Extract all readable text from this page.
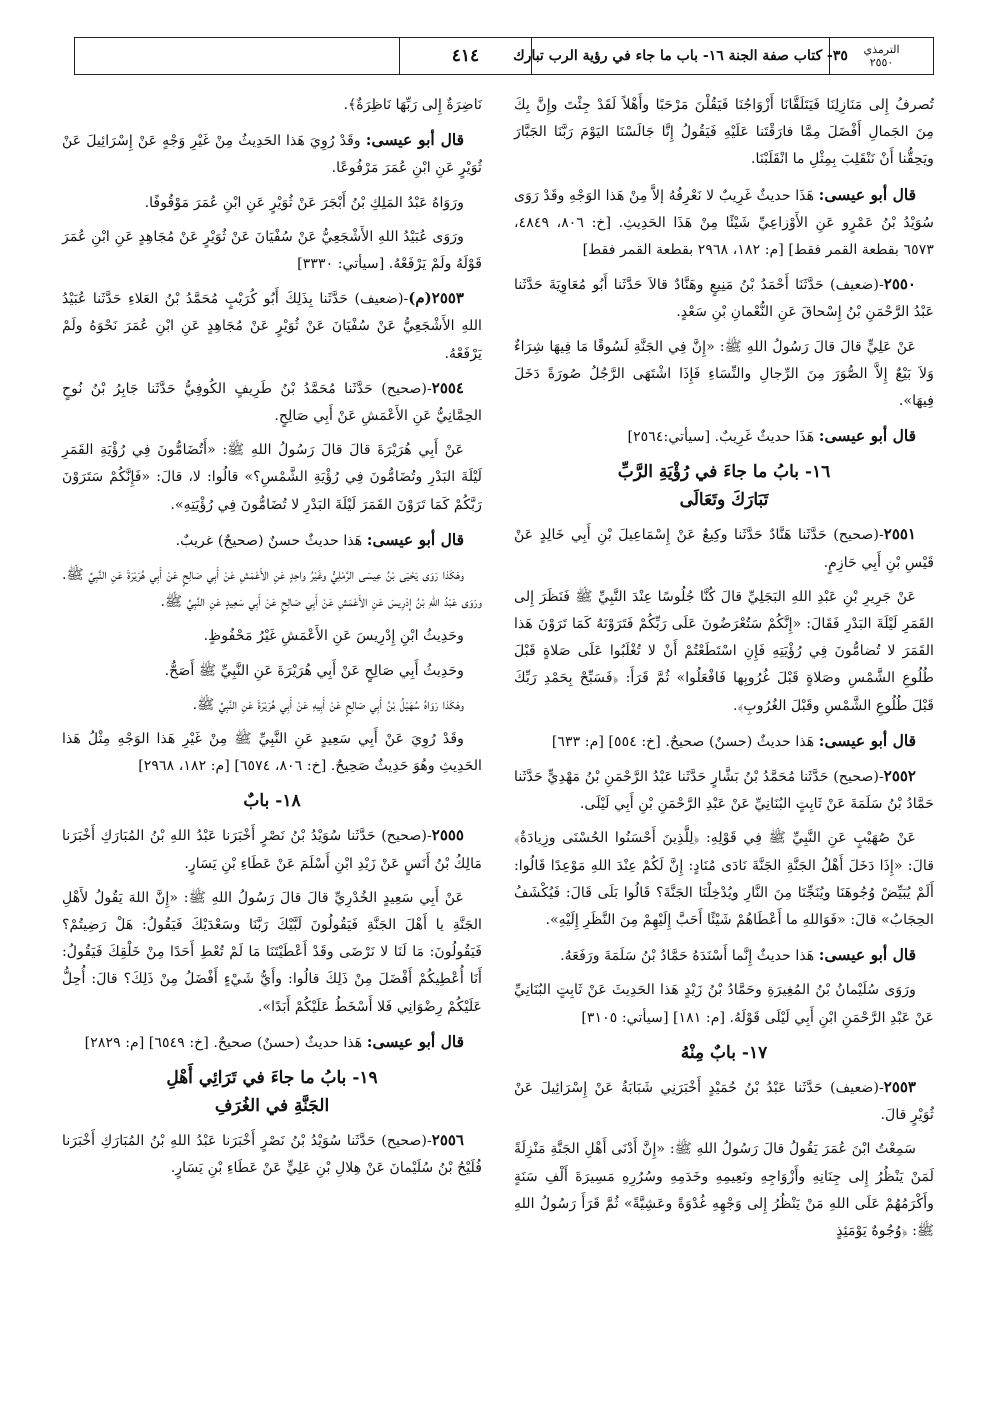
الترمذي
٢٥٥٠
٣٥- كتاب صفة الجنة ١٦- باب ما جاء في رؤية الرب تبارك
٤١٤

تُصرفُ إِلى مَنَازِلِنَا فَيَتَلَقَّانَا أَزْوَاجُنَا فَيَقُلْنَ مَرْحَبًا وأَهْلاً لَقَدْ جِئْتَ وإِنَّ بِكَ مِنَ الجَمالِ أَفْضَلَ مِمَّا فارَقْتَنا عَلَيْهِ فَيَقُولُ إِنَّا جَالَسْنَا اليَوْمَ رَبَّنَا الجَبَّارَ ويَحِقُّنا أَنْ نَنْقَلِبَ بِمِثْلِ ما انْقَلَبْنَا.

قال أبو عيسى: هَذَا حديثٌ غَرِيبٌ لا نَعْرِفُهُ إلاَّ مِنْ هَذا الوَجْهِ وقَدْ رَوَى سُوَيْدُ بْنُ عَمْرٍو عَنِ الأَوْزاعِيِّ شَيْئًا مِنْ هَذَا الحَدِيثِ. [خ: ٨٠٦، ٤٨٤٩، ٦٥٧٣ بقطعة القمر فقط] [م: ١٨٢، ٢٩٦٨ بقطعة القمر فقط]

٢٥٥٠-(ضعيف) حَدَّثَنَا أَحْمَدُ بْنُ مَنِيعٍ وهَنَّادٌ قالاَ حَدَّثَنا أَبُو مُعَاوِيَةَ حَدَّثَنا عَبْدُ الرَّحْمَنِ بْنُ إِسْحاقَ عَنِ النُّعْمانِ بْنِ سَعْدٍ.

عَنْ عَلِيٍّ قالَ قالَ رَسُولُ اللهِ ﷺ: «إِنَّ فِي الجَنَّةِ لَسُوقًا مَا فِيهَا شِرَاءٌ وَلاَ بَيْعٌ إِلاَّ الصُّوَرَ مِنَ الرِّجالِ والنِّسَاءِ فَإِذَا اشْتَهَى الرَّجُلُ صُورَةً دَخَلَ فِيهَا».

قال أبو عيسى: هَذَا حديثٌ غَرِيبٌ. [سيأتي:٢٥٦٤]

١٦- بابُ ما جاءَ في رُؤْيَةِ الرَّبِّ
تَبَارَكَ وتَعَالَى

٢٥٥١-(صحيح) حَدَّثَنا هَنَّادٌ حَدَّثَنا وكِيعٌ عَنْ إِسْمَاعِيلَ بْنِ أَبِي خَالِدٍ عَنْ قَيْسِ بْنِ أَبِي حَازِمٍ.

عَنْ جَرِيرِ بْنِ عَبْدِ اللهِ البَجَلِيِّ قالَ كُنَّا جُلُوسًا عِنْدَ النَّبِيِّ ﷺ فَنَظَرَ إِلى القَمَرِ لَيْلَةَ البَدْرِ فَقَالَ: «إِنَّكُمْ سَتُعْرَضُونَ عَلَى رَبِّكُمْ فَتَرَوْنَهُ كَمَا تَرَوْنَ هَذا القَمَرَ لا تُضامُّونَ فِي رُؤْيَتِهِ فَإِنِ اسْتَطَعْتُمْ أَنْ لا تُغْلَبُوا عَلَى صَلاةٍ قَبْلَ طُلُوعِ الشَّمْسِ وصَلاةٍ قَبْلَ غُرُوبِها فَافْعَلُوا» ثُمَّ قَرَأَ: ﴿فَسَبِّحْ بِحَمْدِ رَبِّكَ قَبْلَ طُلُوعِ الشَّمْسِ وقَبْلَ الغُرُوبِ﴾.

قال أبو عيسى: هَذا حديثٌ (حسنٌ) صحيحٌ. [خ: ٥٥٤] [م: ٦٣٣]

٢٥٥٢-(صحيح) حَدَّثَنا مُحَمَّدُ بْنُ بَشَّارٍ حَدَّثَنا عَبْدُ الرَّحْمَنِ بْنُ مَهْدِيٍّ حَدَّثَنا حَمَّادُ بْنُ سَلَمَةَ عَنْ ثَابِتٍ البُنَانِيِّ عَنْ عَبْدِ الرَّحْمَنِ بْنِ أَبِي لَيْلَى.

عَنْ صُهَيْبٍ عَنِ النَّبِيِّ ﷺ فِي قَوْلِهِ: ﴿لِلَّذِينَ أَحْسَنُوا الحُسْنَى وزِيادَةٌ﴾ قالَ: «إِذَا دَخَلَ أَهْلُ الجَنَّةِ الجَنَّةَ نَادَى مُنَادٍ: إِنَّ لَكُمْ عِنْدَ اللهِ مَوْعِدًا قَالُوا: أَلَمْ يُبَيِّضْ وُجُوهَنَا ويُنَجِّنَا مِنَ النَّارِ ويُدْخِلْنَا الجَنَّةَ؟ قَالُوا بَلَى قَالَ: فَيُكْشَفُ الحِجَابُ» قالَ: «فَوَاللهِ ما أَعْطَاهُمْ شَيْئًا أَحَبَّ إِلَيْهِمْ مِنَ النَّظَرِ إِلَيْهِ».

قال أبو عيسى: هَذا حديثٌ إِنَّما أَسْنَدَهُ حَمَّادُ بْنُ سَلَمَةَ ورَفَعَهُ.

ورَوَى سُلَيْمانُ بْنُ المُغِيرَةِ وحَمَّادُ بْنُ زَيْدٍ هَذا الحَدِيثَ عَنْ ثَابِتٍ البُنَانِيِّ عَنْ عَبْدِ الرَّحْمَنِ ابْنِ أَبِي لَيْلَى قَوْلَهُ. [م: ١٨١] [سيأتي: ٣١٠٥]

١٧- بابٌ مِنْهُ

٢٥٥٣-(ضعيف) حَدَّثَنا عَبْدُ بْنُ حُمَيْدٍ أَخْبَرَنِي شَبَابَةُ عَنْ إِسْرَائِيلَ عَنْ ثُوَيْرٍ قالَ.

سَمِعْتُ ابْنَ عُمَرَ يَقُولُ قالَ رَسُولُ اللهِ ﷺ: «إِنَّ أَدْنَى أَهْلِ الجَنَّةِ مَنْزِلَةً لَمَنْ يَنْظُرُ إِلى جِنَانِهِ وأَزْوَاجِهِ ونَعِيمِهِ وخَدَمِهِ وسُرُرِهِ مَسِيرَةَ أَلْفِ سَنَةٍ وأَكْرَمُهُمْ عَلَى اللهِ مَنْ يَنْظُرُ إِلى وَجْهِهِ غُدْوَةً وعَشِيَّةً» ثُمَّ قَرَأَ رَسُولُ اللهِ ﷺ: ﴿وُجُوهٌ يَوْمَئِذٍ

نَاضِرَةٌ إِلى رَبِّهَا نَاظِرَةٌ﴾.

قال أبو عيسى: وقَدْ رُوِيَ هَذا الحَدِيثُ مِنْ غَيْرِ وَجْهٍ عَنْ إِسْرَائِيلَ عَنْ ثُوَيْرٍ عَنِ ابْنِ عُمَرَ مَرْفُوعًا.

ورَوَاهُ عَبْدُ المَلِكِ بْنُ أَبْجَرَ عَنْ ثُوَيْرٍ عَنِ ابْنِ عُمَرَ مَوْقُوفًا.

ورَوَى عُبَيْدُ اللهِ الأَشْجَعِيُّ عَنْ سُفْيَانَ عَنْ ثُوَيْرٍ عَنْ مُجَاهِدٍ عَنِ ابْنِ عُمَرَ قَوْلَهُ ولَمْ يَرْفَعْهُ. [سيأتي: ٣٣٣٠]

٢٥٥٣(م)-(ضعيف) حَدَّثَنا بِذَلِكَ أَبُو كُرَيْبٍ مُحَمَّدُ بْنُ العَلاءِ حَدَّثَنا عُبَيْدُ اللهِ الأَشْجَعِيُّ عَنْ سُفْيَانَ عَنْ ثُوَيْرٍ عَنْ مُجَاهِدٍ عَنِ ابْنِ عُمَرَ نَحْوَهُ ولَمْ يَرْفَعْهُ.

٢٥٥٤-(صحيح) حَدَّثَنا مُحَمَّدُ بْنُ طَرِيفٍ الكُوفِيُّ حَدَّثَنا جَابِرُ بْنُ نُوحٍ الحِمَّانِيُّ عَنِ الأَعْمَشِ عَنْ أَبِي صَالِحٍ.

عَنْ أَبِي هُرَيْرَةَ قالَ قالَ رَسُولُ اللهِ ﷺ: «أَتُضَامُّونَ فِي رُؤْيَةِ القَمَرِ لَيْلَةَ البَدْرِ وتُضَامُّونَ فِي رُؤْيَةِ الشَّمْسِ؟» قالُوا: لا، قالَ: «فَإِنَّكُمْ سَتَرَوْنَ رَبَّكُمْ كَمَا تَرَوْنَ القَمَرَ لَيْلَةَ البَدْرِ لا تُضَامُّونَ فِي رُؤْيَتِهِ».

قال أبو عيسى: هَذا حديثٌ حسنٌ (صحيحٌ) غريبٌ.

وهَكَذا رَوَى يَحْيَى بْنُ عِيسَى الرَّمْلِيُّ وغَيْرُ واحِدٍ عَنِ الأَعْمَشِ عَنْ أَبِي صَالِحٍ عَنْ أَبِي هُرَيْرَةَ عَنِ النَّبِيِّ ﷺ. ورَوَى عَبْدُ اللهِ بْنُ إِدْرِيسَ عَنِ الأَعْمَشِ عَنْ أَبِي صَالِحٍ عَنْ أَبِي سَعِيدٍ عَنِ النَّبِيِّ ﷺ.

وحَدِيثُ ابْنِ إِدْرِيسَ عَنِ الأَعْمَشِ غَيْرُ مَحْفُوظٍ.

وحَدِيثُ أَبِي صَالِحٍ عَنْ أَبِي هُرَيْرَةَ عَنِ النَّبِيِّ ﷺ أَصَحُّ.

وهَكَذا رَوَاهُ سُهَيْلُ بْنُ أَبِي صَالِحٍ عَنْ أَبِيهِ عَنْ أَبِي هُرَيْرَةَ عَنِ النَّبِيِّ ﷺ.

وقَدْ رُوِيَ عَنْ أَبِي سَعِيدٍ عَنِ النَّبِيِّ ﷺ مِنْ غَيْرِ هَذا الوَجْهِ مِثْلُ هَذا الحَدِيثِ وهُوَ حَدِيثٌ صَحِيحٌ. [خ: ٨٠٦، ٦٥٧٤] [م: ١٨٢، ٢٩٦٨]

١٨- بابٌ

٢٥٥٥-(صحيح) حَدَّثَنا سُوَيْدُ بْنُ نَصْرٍ أَخْبَرَنا عَبْدُ اللهِ بْنُ المُبَارَكِ أَخْبَرَنا مَالِكُ بْنُ أَنَسٍ عَنْ زَيْدِ ابْنِ أَسْلَمَ عَنْ عَطَاءِ بْنِ يَسَارٍ.

عَنْ أَبِي سَعِيدٍ الخُدْرِيِّ قالَ قالَ رَسُولُ اللهِ ﷺ: «إِنَّ اللهَ يَقُولُ لأَهْلِ الجَنَّةِ يا أَهْلَ الجَنَّةِ فَيَقُولُونَ لَبَّيْكَ رَبَّنَا وسَعْدَيْكَ فَيَقُولُ: هَلْ رَضِيتُمْ؟ فَيَقُولُونَ: مَا لَنَا لا نَرْضَى وقَدْ أَعْطَيْتَنَا مَا لَمْ تُعْطِ أَحَدًا مِنْ خَلْقِكَ فَيَقُولُ: أَنَا أُعْطِيكُمْ أَفْضَلَ مِنْ ذَلِكَ قالُوا: وأَيُّ شَيْءٍ أَفْضَلُ مِنْ ذَلِكَ؟ قالَ: أُحِلُّ عَلَيْكُمْ رِضْوَانِي فَلا أَسْخَطُ عَلَيْكُمْ أَبَدًا».

قال أبو عيسى: هَذا حديثٌ (حسنٌ) صحيحٌ. [خ: ٦٥٤٩] [م: ٢٨٢٩]

١٩- بابُ ما جاءَ في تَرَائِي أَهْلِ
الجَنَّةِ في الغُرَفِ

٢٥٥٦-(صحيح) حَدَّثَنا سُوَيْدُ بْنُ نَصْرٍ أَخْبَرَنا عَبْدُ اللهِ بْنُ المُبَارَكِ أَخْبَرَنا فُلَيْحُ بْنُ سُلَيْمانَ عَنْ هِلالِ بْنِ عَلِيٍّ عَنْ عَطَاءِ بْنِ يَسَارٍ.
